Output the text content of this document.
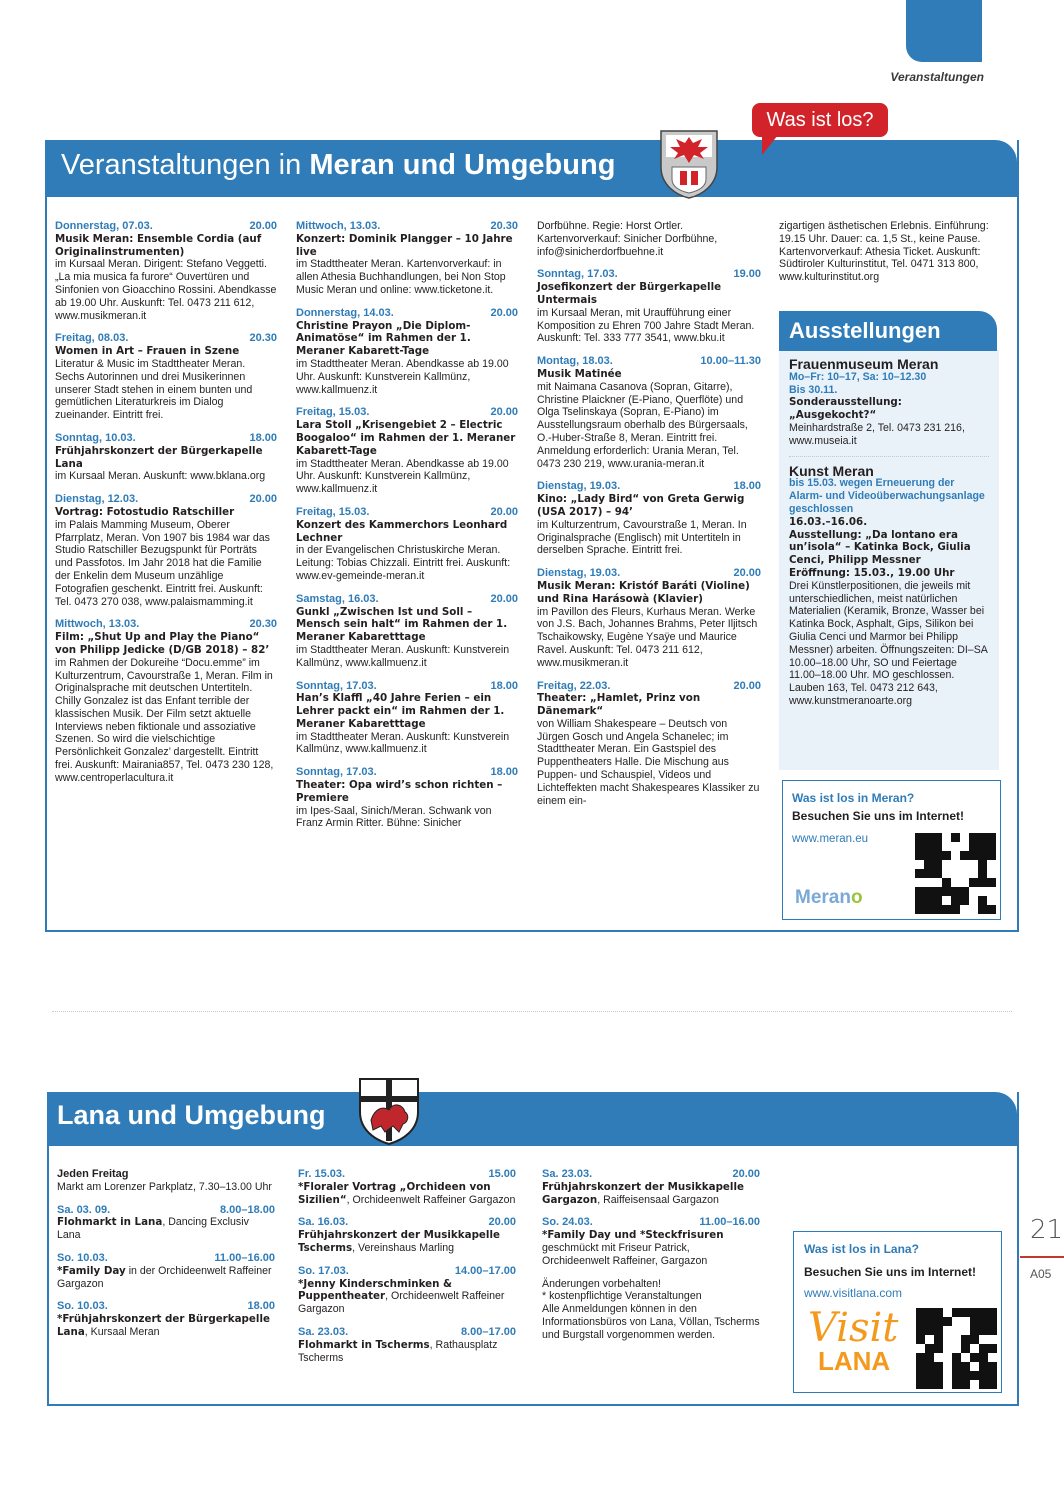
Veranstaltungen
Veranstaltungen in Meran und Umgebung
Was ist los?
Donnerstag, 07.03.	20.00
Musik Meran: Ensemble Cordia (auf Originalinstrumenten)
im Kursaal Meran. Dirigent: Stefano Veggetti. „La mia musica fa furore“ Ouvertüren und Sinfonien von Gioacchino Rossini. Abendkasse ab 19.00 Uhr. Auskunft: Tel. 0473 211 612, www.musikmeran.it
Freitag, 08.03.	20.30
Women in Art – Frauen in Szene
Literatur & Music im Stadttheater Meran. Sechs Autorinnen und drei Musikerinnen unserer Stadt stehen in einem bunten und gemütlichen Literaturkreis im Dialog zueinander. Eintritt frei.
Sonntag, 10.03.	18.00
Frühjahrskonzert der Bürgerkapelle Lana
im Kursaal Meran. Auskunft: www.bklana.org
Dienstag, 12.03.	20.00
Vortrag: Fotostudio Ratschiller
im Palais Mamming Museum, Oberer Pfarrplatz, Meran. Von 1907 bis 1984 war das Studio Ratschiller Bezugspunkt für Porträts und Passfotos. Im Jahr 2018 hat die Familie der Enkelin dem Museum unzählige Fotografien geschenkt. Eintritt frei. Auskunft: Tel. 0473 270 038, www.palaismamming.it
Mittwoch, 13.03.	20.30
Film: „Shut Up and Play the Piano“ von Philipp Jedicke (D/GB 2018) – 82’
im Rahmen der Dokureihe “Docu.emme” im Kulturzentrum, Cavourstraße 1, Meran. Film in Originalsprache mit deutschen Untertiteln. Chilly Gonzalez ist das Enfant terrible der klassischen Musik. Der Film setzt aktuelle Interviews neben fiktionale und assoziative Szenen. So wird die vielschichtige Persönlichkeit Gonzalez’ dargestellt. Eintritt frei. Auskunft: Mairania857, Tel. 0473 230 128, www.centroperlacultura.it
Mittwoch, 13.03.	20.30
Konzert: Dominik Plangger – 10 Jahre live
im Stadttheater Meran. Kartenvorverkauf: in allen Athesia Buchhandlungen, bei Non Stop Music Meran und online: www.ticketone.it.
Donnerstag, 14.03.	20.00
Christine Prayon „Die Diplom-Animatöse“ im Rahmen der 1. Meraner Kabarett-Tage
im Stadttheater Meran. Abendkasse ab 19.00 Uhr. Auskunft: Kunstverein Kallmünz, www.kallmuenz.it
Freitag, 15.03.	20.00
Lara Stoll „Krisengebiet 2 – Electric Boogaloo“ im Rahmen der 1. Meraner Kabarett-Tage
im Stadttheater Meran. Abendkasse ab 19.00 Uhr. Auskunft: Kunstverein Kallmünz, www.kallmuenz.it
Freitag, 15.03.	20.00
Konzert des Kammerchors Leonhard Lechner
in der Evangelischen Christuskirche Meran. Leitung: Tobias Chizzali. Eintritt frei. Auskunft: www.ev-gemeinde-meran.it
Samstag, 16.03.	20.00
Gunkl „Zwischen Ist und Soll – Mensch sein halt“ im Rahmen der 1. Meraner Kabaretttage
im Stadttheater Meran. Auskunft: Kunstverein Kallmünz, www.kallmuenz.it
Sonntag, 17.03.	18.00
Han’s Klaffl „40 Jahre Ferien – ein Lehrer packt ein“ im Rahmen der 1. Meraner Kabaretttage
im Stadttheater Meran. Auskunft: Kunstverein Kallmünz, www.kallmuenz.it
Sonntag, 17.03.	18.00
Theater: Opa wird’s schon richten – Premiere
im Ipes-Saal, Sinich/Meran. Schwank von Franz Armin Ritter. Bühne: Sinicher
Dorfbühne. Regie: Horst Ortler. Kartenvorverkauf: Sinicher Dorfbühne, info@sinicherdorfbuehne.it
Sonntag, 17.03.	19.00
Josefikonzert der Bürgerkapelle Untermais
im Kursaal Meran, mit Uraufführung einer Komposition zu Ehren 700 Jahre Stadt Meran. Auskunft: Tel. 333 777 3541, www.bku.it
Montag, 18.03.	10.00–11.30
Musik Matinée
mit Naimana Casanova (Sopran, Gitarre), Christine Plaickner (E-Piano, Querflöte) und Olga Tselinskaya (Sopran, E-Piano) im Ausstellungsraum oberhalb des Bürgersaals, O.-Huber-Straße 8, Meran. Eintritt frei. Anmeldung erforderlich: Urania Meran, Tel. 0473 230 219, www.urania-meran.it
Dienstag, 19.03.	18.00
Kino: „Lady Bird“ von Greta Gerwig (USA 2017) – 94’
im Kulturzentrum, Cavourstraße 1, Meran. In Originalsprache (Englisch) mit Untertiteln in derselben Sprache. Eintritt frei.
Dienstag, 19.03.	20.00
Musik Meran: Kristóf Baráti (Violine) und Rina Harásowà (Klavier)
im Pavillon des Fleurs, Kurhaus Meran. Werke von J.S. Bach, Johannes Brahms, Peter Iljitsch Tschaikowsky, Eugène Ysaÿe und Maurice Ravel. Auskunft: Tel. 0473 211 612, www.musikmeran.it
Freitag, 22.03.	20.00
Theater: „Hamlet, Prinz von Dänemark“
von William Shakespeare – Deutsch von Jürgen Gosch und Angela Schanelec; im Stadttheater Meran. Ein Gastspiel des Puppentheaters Halle. Die Mischung aus Puppen- und Schauspiel, Videos und Lichteffekten macht Shakespeares Klassiker zu einem ein-
zigartigen ästhetischen Erlebnis. Einführung: 19.15 Uhr. Dauer: ca. 1,5 St., keine Pause. Kartenvorverkauf: Athesia Ticket. Auskunft: Südtiroler Kulturinstitut, Tel. 0471 313 800, www.kulturinstitut.org
Ausstellungen
Frauenmuseum Meran
Mo–Fr: 10–17, Sa: 10–12.30
Bis 30.11.
Sonderausstellung: „Ausgekocht?“
Meinhardstraße 2, Tel. 0473 231 216, www.museia.it
Kunst Meran
bis 15.03. wegen Erneuerung der Alarm- und Videoüberwachungsanlage geschlossen
16.03.–16.06.
Ausstellung: „Da lontano era un’isola“ – Katinka Bock, Giulia Cenci, Philipp Messner
Eröffnung: 15.03., 19.00 Uhr
Drei Künstlerpositionen, die jeweils mit unterschiedlichen, meist natürlichen Materialien (Keramik, Bronze, Wasser bei Katinka Bock, Asphalt, Gips, Silikon bei Giulia Cenci und Marmor bei Philipp Messner) arbeiten. Öffnungszeiten: DI–SA 10.00–18.00 Uhr, SO und Feiertage 11.00–18.00 Uhr. MO geschlossen. Lauben 163, Tel. 0473 212 643, www.kunstmeranoarte.org
Was ist los in Meran?
Besuchen Sie uns im Internet!
www.meran.eu
Merano
Lana und Umgebung
Jeden Freitag
Markt am Lorenzer Parkplatz, 7.30–13.00 Uhr
Sa. 03. 09.	8.00–18.00
Flohmarkt in Lana, Dancing Exclusiv Lana
So. 10.03.	11.00–16.00
*Family Day in der Orchideenwelt Raffeiner Gargazon
So. 10.03.	18.00
*Frühjahrskonzert der Bürgerkapelle Lana, Kursaal Meran
Fr. 15.03.	15.00
*Floraler Vortrag „Orchideen von Sizilien“, Orchideenwelt Raffeiner Gargazon
Sa. 16.03.	20.00
Frühjahrskonzert der Musikkapelle Tscherms, Vereinshaus Marling
So. 17.03.	14.00–17.00
*Jenny Kinderschminken & Puppentheater, Orchideenwelt Raffeiner Gargazon
Sa. 23.03.	8.00–17.00
Flohmarkt in Tscherms, Rathausplatz Tscherms
Sa. 23.03.	20.00
Frühjahrskonzert der Musikkapelle Gargazon, Raiffeisensaal Gargazon
So. 24.03.	11.00–16.00
*Family Day und *Steckfrisuren geschmückt mit Friseur Patrick, Orchideenwelt Raffeiner, Gargazon
Änderungen vorbehalten!
* kostenpflichtige Veranstaltungen
Alle Anmeldungen können in den Informationsbüros von Lana, Völlan, Tscherms und Burgstall vorgenommen werden.
Was ist los in Lana?
Besuchen Sie uns im Internet!
www.visitlana.com
Visit
LANA
21
A05
